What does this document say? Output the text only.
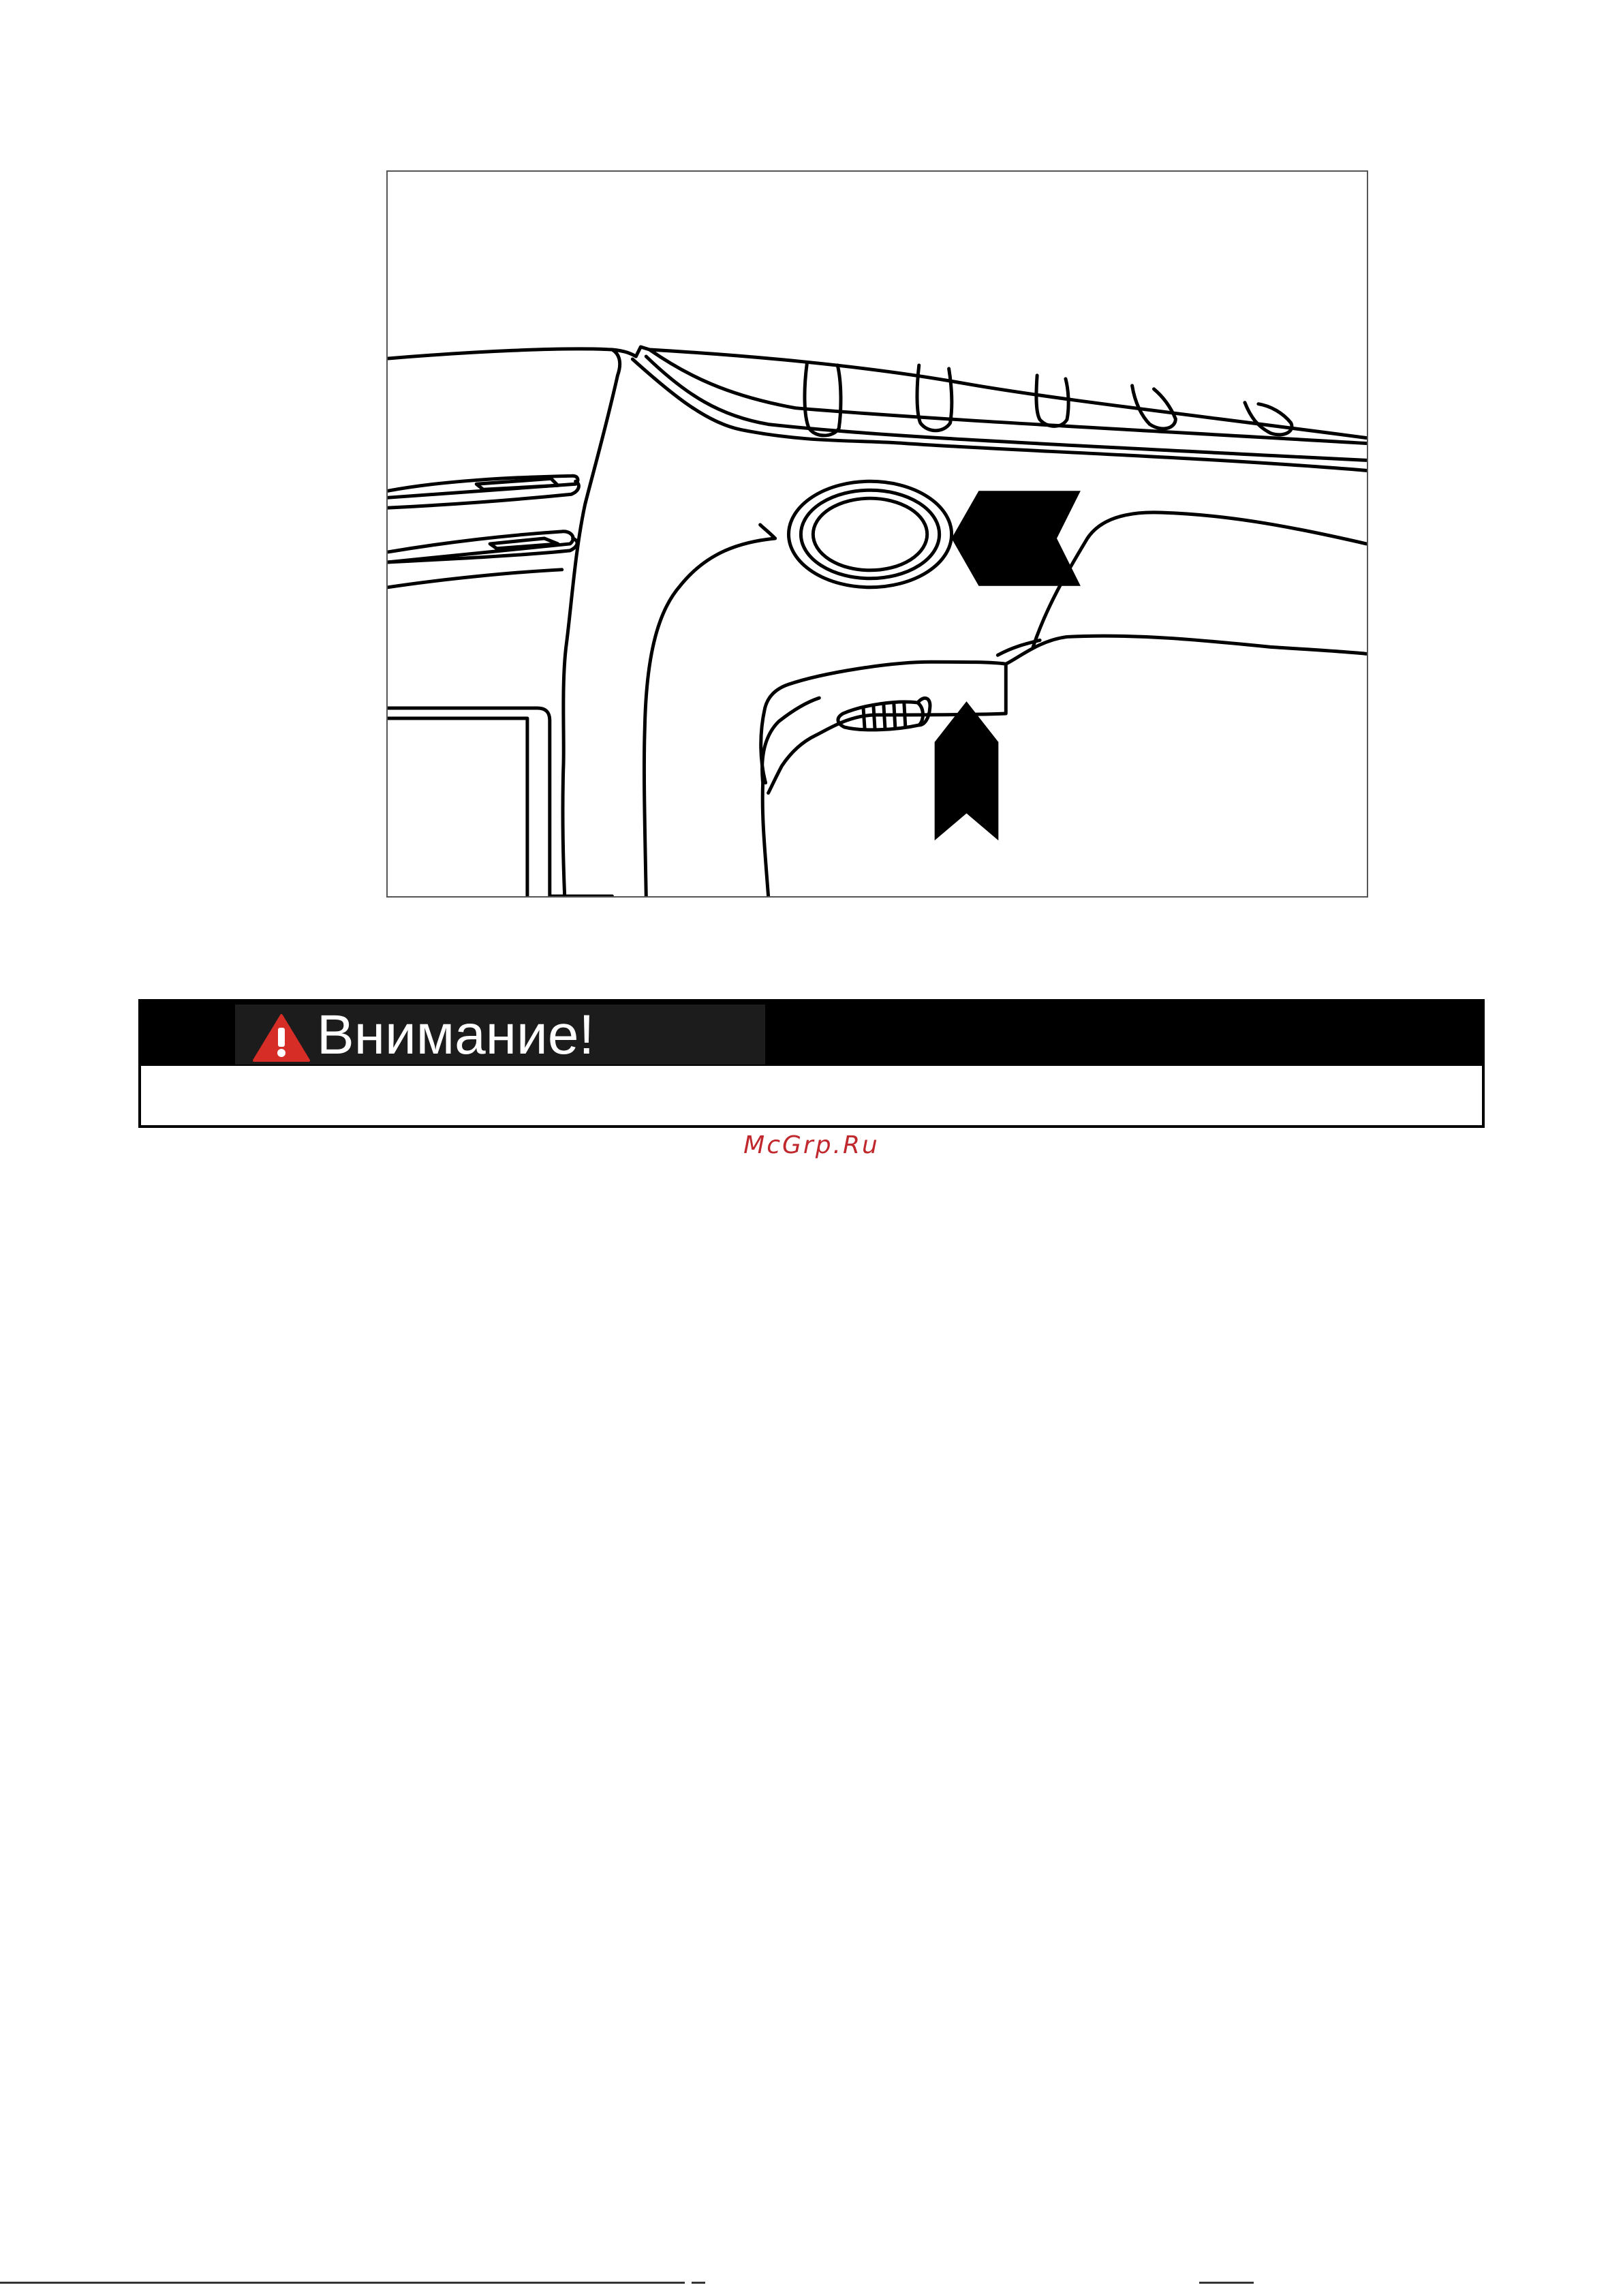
Внимание!
McGrp.Ru
